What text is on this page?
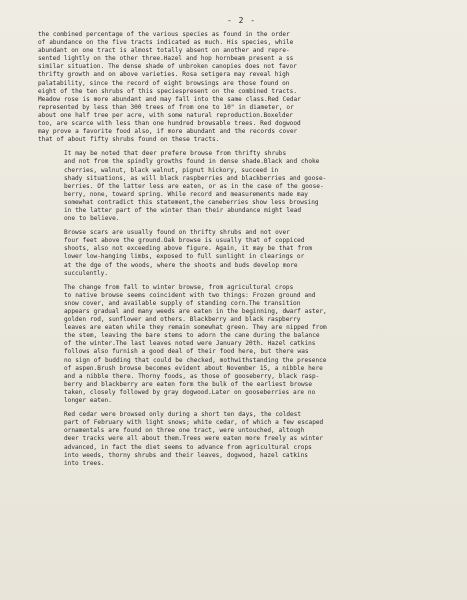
- 2 -
the combined percentage of the various species as found in the order
of abundance on the five tracts indicated as much. His species, while
abundant on one tract is almost totally absent on another and repre-
sented lightly on the other three.Hazel and hop hornbeam present a ss
similar situation. The dense shade of unbroken canopies does not favor
thrifty growth and on above varieties. Rosa setigera may reveal high
palatability, since the record of eight browsings are those found on
eight of the ten shrubs of this speciespresent on the combined tracts.
Meadow rose is more abundant and may fall into the same class.Red Cedar
represented by less than 300 trees of from one to 10" in diameter, or
about one half tree per acre, with some natural reproduction.Boxelder
too, are scarce with less than one hundred browsable trees. Red dogwood
may prove a favorite food also, if more abundant and the records cover
that of about fifty shrubs found on these tracts.
It may be noted that deer prefere browse from thrifty shrubs
and not from the spindly growths found in dense shade.Black and choke
cherries, walnut, black walnut, pignut hickory, succeed in
shady situations, as will black raspberries and blackberries and goose-
berries. Of the latter less are eaten, or as in the case of the goose-
berry, none, toward spring. While record and measurements made may
somewhat contradict this statement,the caneberries show less browsing
in the latter part of the winter than their abundance might lead
one to believe.
Browse scars are usually found on thrifty shrubs and not over
four feet above the ground.Oak browse is usually that of coppiced
shoots, also not exceeding above figure. Again, it may be that from
lower low-hanging limbs, exposed to full sunlight in clearings or
at the dge of the woods, where the shoots and buds develop more
succulently.
The change from fall to winter browse, from agricultural crops
to native browse seems coincident with two things: Frozen ground and
snow cover, and available supply of standing corn.The transition
appears gradual and many weeds are eaten in the beginning, dwarf aster,
golden rod, sunflower and others. Blackberry and black raspberry
leaves are eaten while they remain somewhat green. They are nipped from
the stem, leaving the bare stems to adorn the cane during the balance
of the winter.The last leaves noted were January 20th. Hazel catkins
follows also furnish a good deal of their food here, but there was
no sign of budding that could be checked, mothwithstanding the presence
of aspen.Brush browse becomes evident about November 15, a nibble here
and a nibble there. Thorny foods, as those of gooseberry, black rasp-
berry and blackberry are eaten form the bulk of the earliest browse
taken, closely followed by gray dogwood.Later on gooseberries are no
longer eaten.
Red cedar were browsed only during a short ten days, the coldest
part of February with light snows; white cedar, of which a few escaped
ornamentals are found on three one tract, were untouched, altough
deer tracks were all about them.Trees were eaten more freely as winter
advanced, in fact the diet seems to advance from agricultural crops
into weeds, thorny shrubs and their leaves, dogwood, hazel catkins
into trees.
